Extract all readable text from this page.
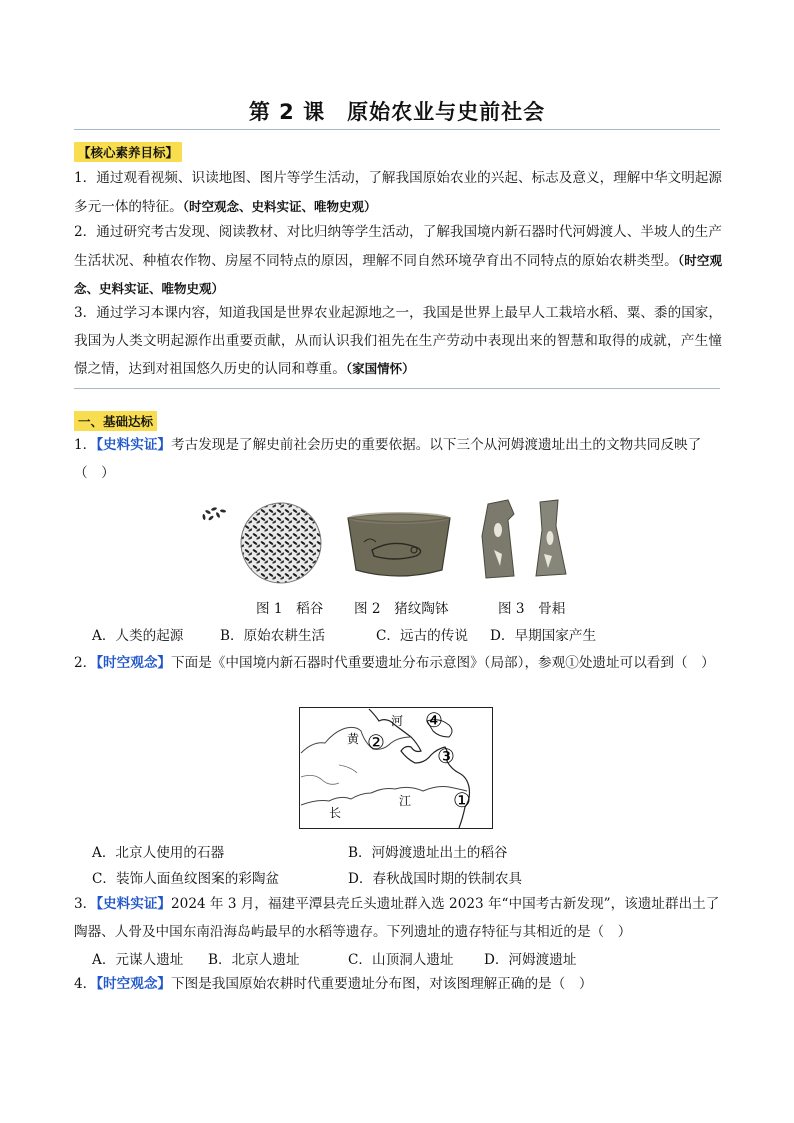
第 2 课　原始农业与史前社会
【核心素养目标】
1．通过观看视频、识读地图、图片等学生活动，了解我国原始农业的兴起、标志及意义，理解中华文明起源多元一体的特征。（时空观念、史料实证、唯物史观）
2．通过研究考古发现、阅读教材、对比归纳等学生活动，了解我国境内新石器时代河姆渡人、半坡人的生产生活状况、种植农作物、房屋不同特点的原因，理解不同自然环境孕育出不同特点的原始农耕类型。（时空观念、史料实证、唯物史观）
3．通过学习本课内容，知道我国是世界农业起源地之一，我国是世界上最早人工栽培水稻、粟、黍的国家，我国为人类文明起源作出重要贡献，从而认识我们祖先在生产劳动中表现出来的智慧和取得的成就，产生憧憬之情，达到对祖国悠久历史的认同和尊重。（家国情怀）
一、基础达标
1．【史料实证】考古发现是了解史前社会历史的重要依据。以下三个从河姆渡遗址出土的文物共同反映了（　）
图 1　稻谷 图 2　猪纹陶钵	图 3　骨耜
A．人类的起源	B．原始农耕生活	C．远古的传说 D．早期国家产生
2．【时空观念】下面是《中国境内新石器时代重要遗址分布示意图》（局部），参观①处遗址可以看到（　）
河
黄
长
江
④
②
③
①
A．北京人使用的石器	B．河姆渡遗址出土的稻谷
C．装饰人面鱼纹图案的彩陶盆	D．春秋战国时期的铁制农具
3．【史料实证】2024 年 3 月，福建平潭县壳丘头遗址群入选 2023 年“中国考古新发现”，该遗址群出土了陶器、人骨及中国东南沿海岛屿最早的水稻等遗存。下列遗址的遗存特征与其相近的是（　）
A．元谋人遗址 B．北京人遗址	C．山顶洞人遗址 D．河姆渡遗址
4．【时空观念】下图是我国原始农耕时代重要遗址分布图，对该图理解正确的是（　）
